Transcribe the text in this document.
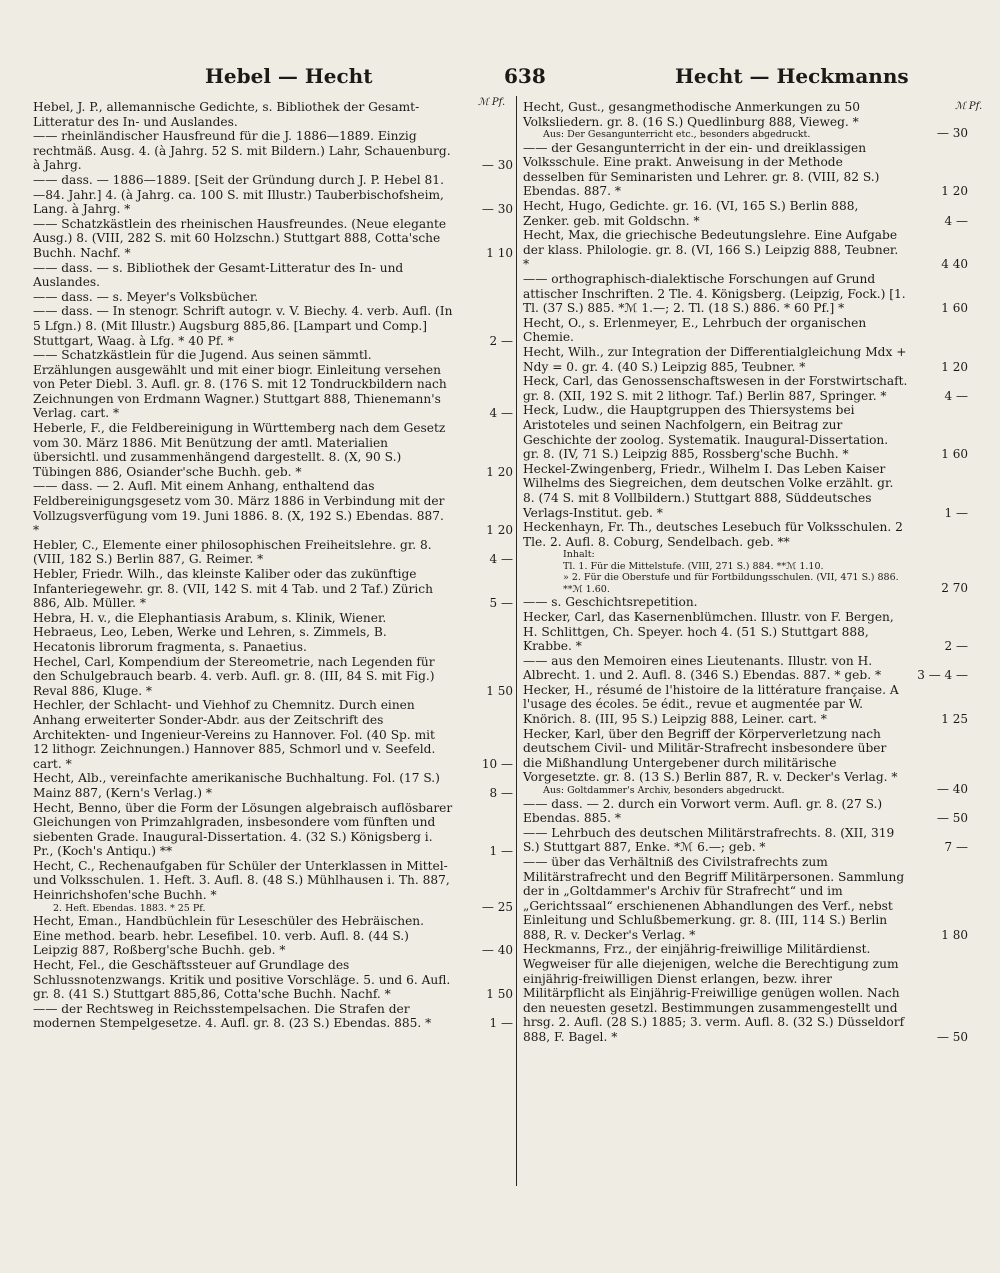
Hebel — Hecht	638	Hecht — Heckmanns
ℳ Pf.	ℳ Pf.
Hebel, J. P., allemannische Gedichte, s. Bibliothek der Gesamt-Litteratur des In- und Auslandes.
—— rheinländischer Hausfreund für die J. 1886—1889. Einzig rechtmäß. Ausg. 4. (à Jahrg. 52 S. mit Bildern.) Lahr, Schauenburg. à Jahrg.	— 30
—— dass. — 1886—1889. [Seit der Gründung durch J. P. Hebel 81.—84. Jahr.] 4. (à Jahrg. ca. 100 S. mit Illustr.) Tauberbischofsheim, Lang. à Jahrg. *	— 30
—— Schatzkästlein des rheinischen Hausfreundes. (Neue elegante Ausg.) 8. (VIII, 282 S. mit 60 Holzschn.) Stuttgart 888, Cotta'sche Buchh. Nachf. *	1 10
—— dass. — s. Bibliothek der Gesamt-Litteratur des In- und Auslandes.
—— dass. — s. Meyer's Volksbücher.
—— dass. — In stenogr. Schrift autogr. v. V. Biechy. 4. verb. Aufl. (In 5 Lfgn.) 8. (Mit Illustr.) Augsburg 885,86. [Lampart und Comp.] Stuttgart, Waag. à Lfg. * 40 Pf. *	2 —
—— Schatzkästlein für die Jugend. Aus seinen sämmtl. Erzählungen ausgewählt und mit einer biogr. Einleitung versehen von Peter Diebl. 3. Aufl. gr. 8. (176 S. mit 12 Tondruckbildern nach Zeichnungen von Erdmann Wagner.) Stuttgart 888, Thienemann's Verlag. cart. *	4 —
Heberle, F., die Feldbereinigung in Württemberg nach dem Gesetz vom 30. März 1886. Mit Benützung der amtl. Materialien übersichtl. und zusammenhängend dargestellt. 8. (X, 90 S.) Tübingen 886, Osiander'sche Buchh. geb. *	1 20
—— dass. — 2. Aufl. Mit einem Anhang, enthaltend das Feldbereinigungsgesetz vom 30. März 1886 in Verbindung mit der Vollzugsverfügung vom 19. Juni 1886. 8. (X, 192 S.) Ebendas. 887. *	1 20
Hebler, C., Elemente einer philosophischen Freiheitslehre. gr. 8. (VIII, 182 S.) Berlin 887, G. Reimer. *	4 —
Hebler, Friedr. Wilh., das kleinste Kaliber oder das zukünftige Infanteriegewehr. gr. 8. (VII, 142 S. mit 4 Tab. und 2 Taf.) Zürich 886, Alb. Müller. *	5 —
Hebra, H. v., die Elephantiasis Arabum, s. Klinik, Wiener.
Hebraeus, Leo, Leben, Werke und Lehren, s. Zimmels, B.
Hecatonis librorum fragmenta, s. Panaetius.
Hechel, Carl, Kompendium der Stereometrie, nach Legenden für den Schulgebrauch bearb. 4. verb. Aufl. gr. 8. (III, 84 S. mit Fig.) Reval 886, Kluge. *	1 50
Hechler, der Schlacht- und Viehhof zu Chemnitz. Durch einen Anhang erweiterter Sonder-Abdr. aus der Zeitschrift des Architekten- und Ingenieur-Vereins zu Hannover. Fol. (40 Sp. mit 12 lithogr. Zeichnungen.) Hannover 885, Schmorl und v. Seefeld. cart. *	10 —
Hecht, Alb., vereinfachte amerikanische Buchhaltung. Fol. (17 S.) Mainz 887, (Kern's Verlag.) *	8 —
Hecht, Benno, über die Form der Lösungen algebraisch auflösbarer Gleichungen von Primzahlgraden, insbesondere vom fünften und siebenten Grade. Inaugural-Dissertation. 4. (32 S.) Königsberg i. Pr., (Koch's Antiqu.) **	1 —
Hecht, C., Rechenaufgaben für Schüler der Unterklassen in Mittel- und Volksschulen. 1. Heft. 3. Aufl. 8. (48 S.) Mühlhausen i. Th. 887, Heinrichshofen'sche Buchh. *
2. Heft. Ebendas. 1883. * 25 Pf.	— 25
Hecht, Eman., Handbüchlein für Leseschüler des Hebräischen. Eine method. bearb. hebr. Lesefibel. 10. verb. Aufl. 8. (44 S.) Leipzig 887, Roßberg'sche Buchh. geb. *	— 40
Hecht, Fel., die Geschäftssteuer auf Grundlage des Schlussnotenzwangs. Kritik und positive Vorschläge. 5. und 6. Aufl. gr. 8. (41 S.) Stuttgart 885,86, Cotta'sche Buchh. Nachf. *	1 50
—— der Rechtsweg in Reichsstempelsachen. Die Strafen der modernen Stempelgesetze. 4. Aufl. gr. 8. (23 S.) Ebendas. 885. *	1 —
Hecht, Gust., gesangmethodische Anmerkungen zu 50 Volksliedern. gr. 8. (16 S.) Quedlinburg 888, Vieweg. *
Aus: Der Gesangunterricht etc., besonders abgedruckt.	— 30
—— der Gesangunterricht in der ein- und dreiklassigen Volksschule. Eine prakt. Anweisung in der Methode desselben für Seminaristen und Lehrer. gr. 8. (VIII, 82 S.) Ebendas. 887. *	1 20
Hecht, Hugo, Gedichte. gr. 16. (VI, 165 S.) Berlin 888, Zenker. geb. mit Goldschn. *	4 —
Hecht, Max, die griechische Bedeutungslehre. Eine Aufgabe der klass. Philologie. gr. 8. (VI, 166 S.) Leipzig 888, Teubner. *	4 40
—— orthographisch-dialektische Forschungen auf Grund attischer Inschriften. 2 Tle. 4. Königsberg. (Leipzig, Fock.) [1. Tl. (37 S.) 885. *ℳ 1.—; 2. Tl. (18 S.) 886. * 60 Pf.] *	1 60
Hecht, O., s. Erlenmeyer, E., Lehrbuch der organischen Chemie.
Hecht, Wilh., zur Integration der Differentialgleichung Mdx + Ndy = 0. gr. 4. (40 S.) Leipzig 885, Teubner. *	1 20
Heck, Carl, das Genossenschaftswesen in der Forstwirtschaft. gr. 8. (XII, 192 S. mit 2 lithogr. Taf.) Berlin 887, Springer. *	4 —
Heck, Ludw., die Hauptgruppen des Thiersystems bei Aristoteles und seinen Nachfolgern, ein Beitrag zur Geschichte der zoolog. Systematik. Inaugural-Dissertation. gr. 8. (IV, 71 S.) Leipzig 885, Rossberg'sche Buchh. *	1 60
Heckel-Zwingenberg, Friedr., Wilhelm I. Das Leben Kaiser Wilhelms des Siegreichen, dem deutschen Volke erzählt. gr. 8. (74 S. mit 8 Vollbildern.) Stuttgart 888, Süddeutsches Verlags-Institut. geb. *	1 —
Heckenhayn, Fr. Th., deutsches Lesebuch für Volksschulen. 2 Tle. 2. Aufl. 8. Coburg, Sendelbach. geb. **
Inhalt:
Tl. 1. Für die Mittelstufe. (VIII, 271 S.) 884. **ℳ 1.10.
» 2. Für die Oberstufe und für Fortbildungsschulen. (VII, 471 S.) 886. **ℳ 1.60.	2 70
—— s. Geschichtsrepetition.
Hecker, Carl, das Kasernenblümchen. Illustr. von F. Bergen, H. Schlittgen, Ch. Speyer. hoch 4. (51 S.) Stuttgart 888, Krabbe. *	2 —
—— aus den Memoiren eines Lieutenants. Illustr. von H. Albrecht. 1. und 2. Aufl. 8. (346 S.) Ebendas. 887. * geb. *	3 — 4 —
Hecker, H., résumé de l'histoire de la littérature française. A l'usage des écoles. 5e édit., revue et augmentée par W. Knörich. 8. (III, 95 S.) Leipzig 888, Leiner. cart. *	1 25
Hecker, Karl, über den Begriff der Körperverletzung nach deutschem Civil- und Militär-Strafrecht insbesondere über die Mißhandlung Untergebener durch militärische Vorgesetzte. gr. 8. (13 S.) Berlin 887, R. v. Decker's Verlag. *
Aus: Goltdammer's Archiv, besonders abgedruckt.	— 40
—— dass. — 2. durch ein Vorwort verm. Aufl. gr. 8. (27 S.) Ebendas. 885. *	— 50
—— Lehrbuch des deutschen Militärstrafrechts. 8. (XII, 319 S.) Stuttgart 887, Enke. *ℳ 6.—; geb. *	7 —
—— über das Verhältniß des Civilstrafrechts zum Militärstrafrecht und den Begriff Militärpersonen. Sammlung der in „Goltdammer's Archiv für Strafrecht“ und im „Gerichtssaal“ erschienenen Abhandlungen des Verf., nebst Einleitung und Schlußbemerkung. gr. 8. (III, 114 S.) Berlin 888, R. v. Decker's Verlag. *	1 80
Heckmanns, Frz., der einjährig-freiwillige Militärdienst. Wegweiser für alle diejenigen, welche die Berechtigung zum einjährig-freiwilligen Dienst erlangen, bezw. ihrer Militärpflicht als Einjährig-Freiwillige genügen wollen. Nach den neuesten gesetzl. Bestimmungen zusammengestellt und hrsg. 2. Aufl. (28 S.) 1885; 3. verm. Aufl. 8. (32 S.) Düsseldorf 888, F. Bagel. *	— 50
